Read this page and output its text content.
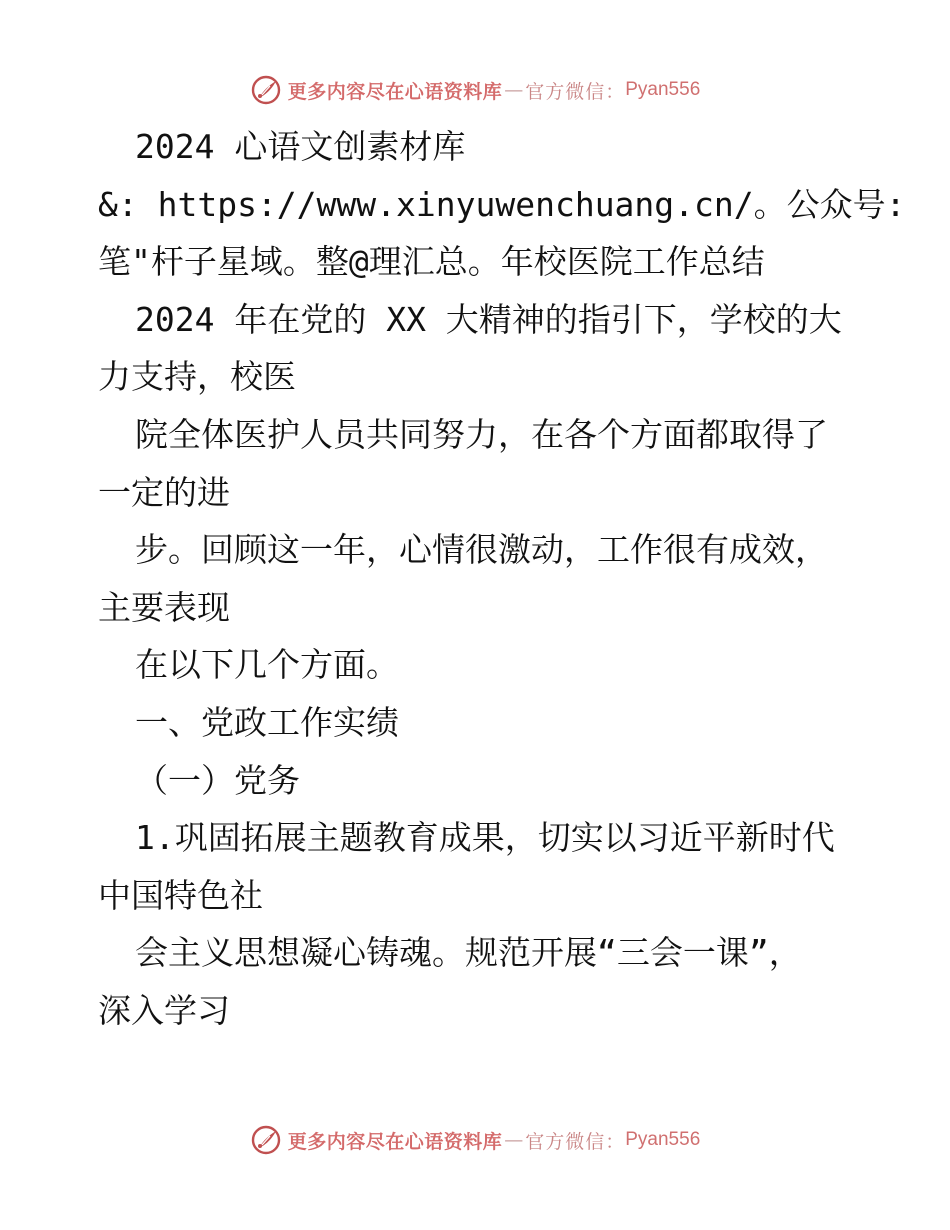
更多内容尽在心语资料库 — 官方微信： Pyan556
2024 心语文创素材库
&: https://www.xinyuwenchuang.cn/。公众号:
笔"杆子星域。整@理汇总。年校医院工作总结
2024 年在党的 XX 大精神的指引下，学校的大
力支持，校医
院全体医护人员共同努力，在各个方面都取得了
一定的进
步。回顾这一年，心情很激动，工作很有成效，
主要表现
在以下几个方面。
一、党政工作实绩
（一）党务
1.巩固拓展主题教育成果，切实以习近平新时代
中国特色社
会主义思想凝心铸魂。规范开展“三会一课”，
深入学习
更多内容尽在心语资料库 — 官方微信： Pyan556
